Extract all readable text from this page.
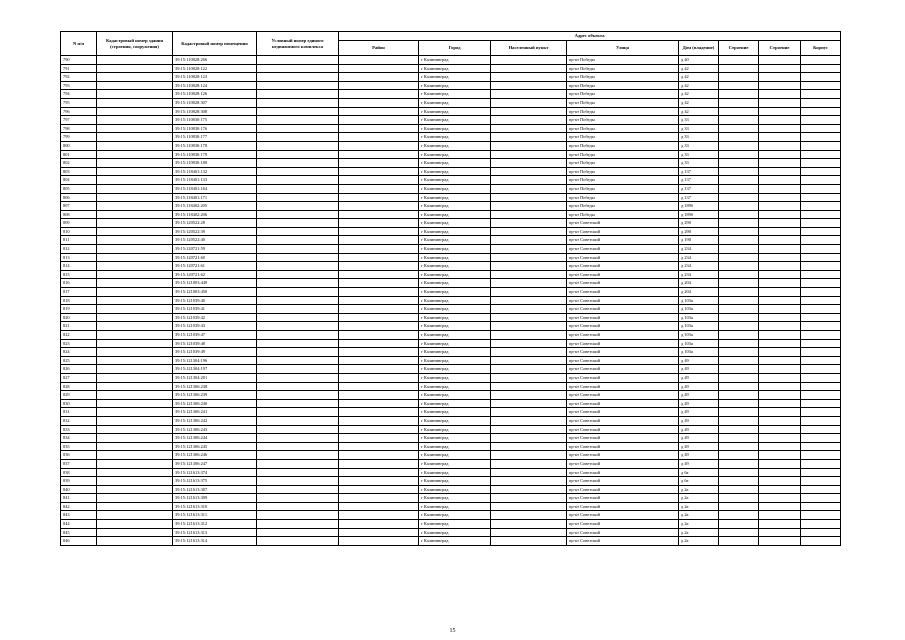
N п/п	Кадастровый номер здания (строения, сооружения)	Кадастровый номер помещения	Условный номер единого недвижимого комплекса	Адрес объекта							
				Район	Город	Населенный пункт	Улица	Дом (владение)	Строение	Строение	Корпус
790		39:15:110828:266			г Калининград		пр-кт Победы	д 40			
791		39:15:110828:122			г Калининград		пр-кт Победы	д 42			
792		39:15:110828:123			г Калининград		пр-кт Победы	д 42			
793		39:15:110828:124			г Калининград		пр-кт Победы	д 42			
794		39:15:110828:126			г Калининград		пр-кт Победы	д 42			
795		39:15:110828:307			г Калининград		пр-кт Победы	д 42			
796		39:15:110828:308			г Калининград		пр-кт Победы	д 42			
797		39:15:110830:175			г Калининград		пр-кт Победы	д 33			
798		39:15:110830:176			г Калининград		пр-кт Победы	д 33			
799		39:15:110830:177			г Калининград		пр-кт Победы	д 33			
800		39:15:110830:178			г Калининград		пр-кт Победы	д 33			
801		39:15:110830:179			г Калининград		пр-кт Победы	д 33			
802		39:15:110830:180			г Калининград		пр-кт Победы	д 33			
803		39:15:118401:132			г Калининград		пр-кт Победы	д 137			
804		39:15:118401:133			г Калининград		пр-кт Победы	д 137			
805		39:15:118401:164			г Калининград		пр-кт Победы	д 137			
806		39:15:118401:171			г Калининград		пр-кт Победы	д 137			
807		39:15:118402:205			г Калининград		пр-кт Победы	д 189б			
808		39:15:118402:206			г Калининград		пр-кт Победы	д 189б			
809		39:15:120522:28			г Калининград		пр-кт Советский	д 290			
810		39:15:120522:39			г Калининград		пр-кт Советский	д 290			
811		39:15:120522:40			г Калининград		пр-кт Советский	д 190			
812		39:15:120721:59			г Калининград		пр-кт Советский	д 234			
813		39:15:120721:60			г Калининград		пр-кт Советский	д 234			
814		39:15:120721:61			г Калининград		пр-кт Советский	д 234			
815		39:15:120721:62			г Калининград		пр-кт Советский	д 234			
816		39:15:121003:449			г Калининград		пр-кт Советский	д 204			
817		39:15:121003:450			г Калининград		пр-кт Советский	д 204			
818		39:15:121039:40			г Калининград		пр-кт Советский	д 103а			
819		39:15:121039:41			г Калининград		пр-кт Советский	д 103а			
820		39:15:121039:42			г Калининград		пр-кт Советский	д 103а			
821		39:15:121039:43			г Калининград		пр-кт Советский	д 103а			
822		39:15:121039:47			г Калининград		пр-кт Советский	д 103а			
823		39:15:121039:48			г Калининград		пр-кт Советский	д 103а			
824		39:15:121039:49			г Калининград		пр-кт Советский	д 103а			
825		39:15:121304:196			г Калининград		пр-кт Советский	д 49			
826		39:15:121304:197			г Калининград		пр-кт Советский	д 49			
827		39:15:121304:201			г Калининград		пр-кт Советский	д 49			
828		39:15:121306:238			г Калининград		пр-кт Советский	д 49			
829		39:15:121306:239			г Калининград		пр-кт Советский	д 49			
830		39:15:121306:240			г Калининград		пр-кт Советский	д 49			
831		39:15:121306:241			г Калининград		пр-кт Советский	д 49			
832		39:15:121306:242			г Калининград		пр-кт Советский	д 49			
833		39:15:121306:243			г Калининград		пр-кт Советский	д 49			
834		39:15:121306:244			г Калининград		пр-кт Советский	д 49			
835		39:15:121306:245			г Калининград		пр-кт Советский	д 49			
836		39:15:121306:246			г Калининград		пр-кт Советский	д 49			
837		39:15:121306:247			г Калининград		пр-кт Советский	д 49			
838		39:15:121613:374			г Калининград		пр-кт Советский	д 6а			
839		39:15:121613:375			г Калининград		пр-кт Советский	д 6а			
840		39:15:121613:307			г Калининград		пр-кт Советский	д 2а			
841		39:15:121613:309			г Калининград		пр-кт Советский	д 2а			
842		39:15:121613:310			г Калининград		пр-кт Советский	д 2а			
843		39:15:121613:311			г Калининград		пр-кт Советский	д 2а			
844		39:15:121613:312			г Калининград		пр-кт Советский	д 2а			
845		39:15:121613:313			г Калининград		пр-кт Советский	д 2а			
846		39:15:121613:314			г Калининград		пр-кт Советский	д 2а			
15
